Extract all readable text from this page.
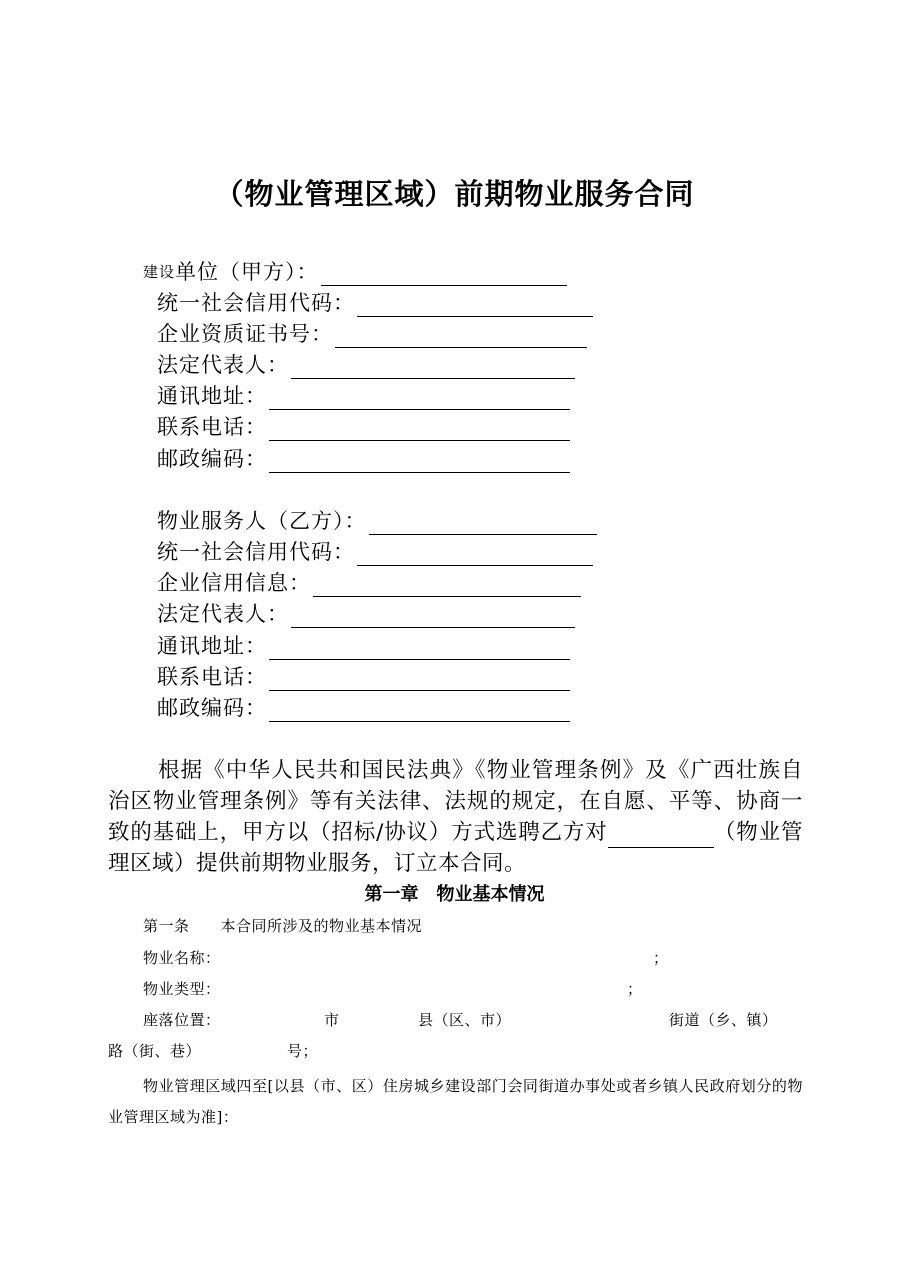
（物业管理区域）前期物业服务合同
建设单位（甲方）：
统一社会信用代码：
企业资质证书号：
法定代表人：
通讯地址：
联系电话：
邮政编码：
物业服务人（乙方）：
统一社会信用代码：
企业信用信息：
法定代表人：
通讯地址：
联系电话：
邮政编码：
根据《中华人民共和国民法典》《物业管理条例》及《广西壮族自治区物业管理条例》等有关法律、法规的规定，在自愿、平等、协商一致的基础上，甲方以（招标/协议）方式选聘乙方对	（物业管理区域）提供前期物业服务，订立本合同。
第一章　物业基本情况
第一条　　本合同所涉及的物业基本情况
物业名称：	；
物业类型：	；
座落位置：	市	县（区、市）	街道（乡、镇）
路（街、巷）	号；
物业管理区域四至[以县（市、区）住房城乡建设部门会同街道办事处或者乡镇人民政府划分的物业管理区域为准]：
